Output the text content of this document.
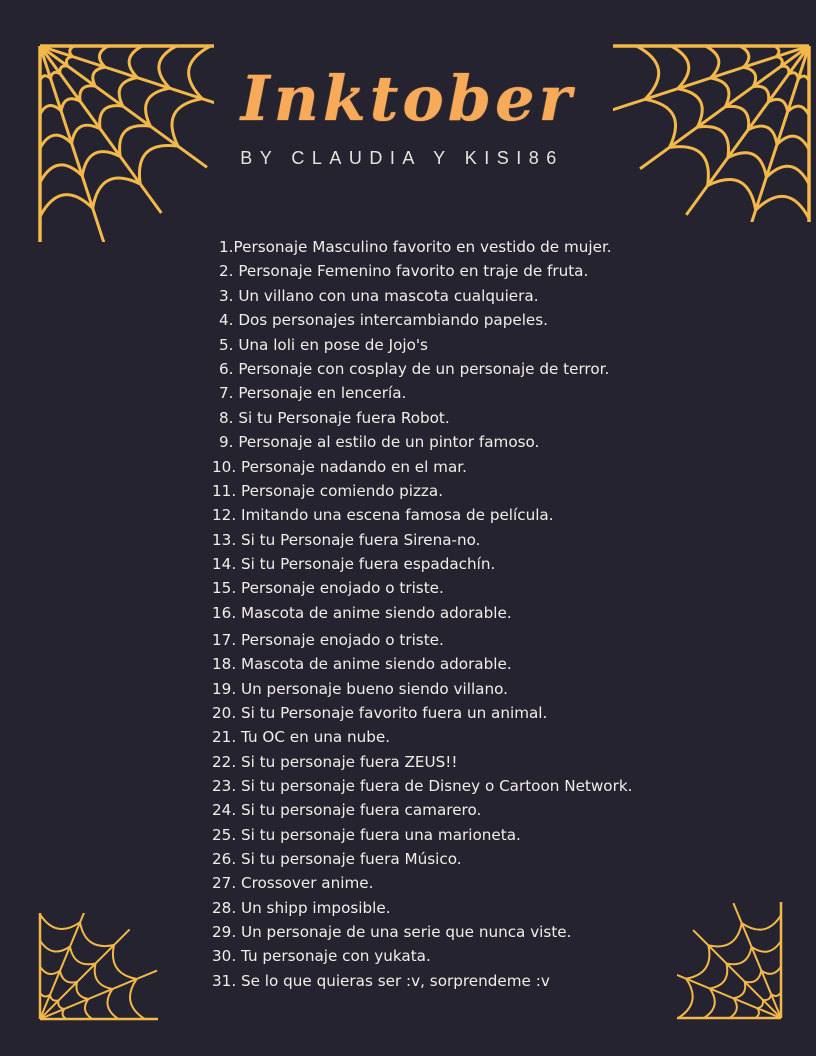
Inktober
BY CLAUDIA Y KISI86
1.Personaje Masculino favorito en vestido de mujer.
2. Personaje Femenino favorito en traje de fruta.
3. Un villano con una mascota cualquiera.
4. Dos personajes intercambiando papeles.
5. Una loli en pose de Jojo's
6. Personaje con cosplay de un personaje de terror.
7. Personaje en lencería.
8. Si tu Personaje fuera Robot.
9. Personaje al estilo de un pintor famoso.
10. Personaje nadando en el mar.
11. Personaje comiendo pizza.
12. Imitando una escena famosa de película.
13. Si tu Personaje fuera Sirena-no.
14. Si tu Personaje fuera espadachín.
15. Personaje enojado o triste.
16. Mascota de anime siendo adorable.
17. Personaje enojado o triste.
18. Mascota de anime siendo adorable.
19. Un personaje bueno siendo villano.
20. Si tu Personaje favorito fuera un animal.
21. Tu OC en una nube.
22. Si tu personaje fuera ZEUS!!
23. Si tu personaje fuera de Disney o Cartoon Network.
24. Si tu personaje fuera camarero.
25. Si tu personaje fuera una marioneta.
26. Si tu personaje fuera Músico.
27. Crossover anime.
28. Un shipp imposible.
29. Un personaje de una serie que nunca viste.
30. Tu personaje con yukata.
31. Se lo que quieras ser :v, sorprendeme :v
